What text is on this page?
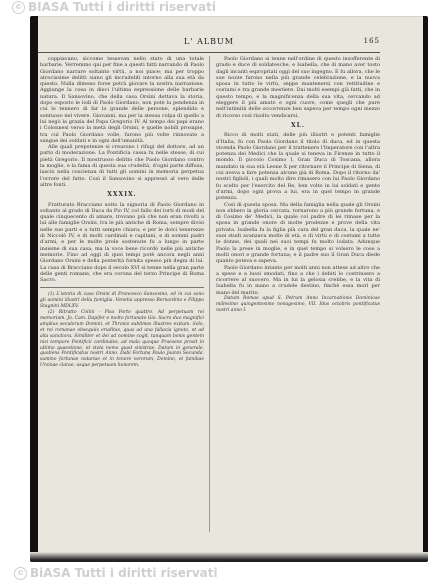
© BIASA Tutti i diritti riservati
L' ALBUM	165

coppiavano, siccome tessevan nello stato di una totale barbarie. Verremmo qui per fine a questi fatti narrando di Paolo Giordano narrare soltanto virtù, a noi piace; ma per troppo atrocissime delitti siano gli incrudeliti intorno alla sua età da questo. Nulla dimeno forse potrà giovare la nostra narrazione. Aggiunge la cosa in dieci l'ultima espressione delle barbarie natura. Il Sansovino, che della casa Orsini dettava la storia, dopo esposto le lodi di Paolo Giordano, non potè la pendenza in cui lo tennero di far lo grande delle persone, splendido e sontuoso nel vivere. Giovanni, ma per la stessa colpa di quello a lui negò la grazia del Papa Gregorio IV. Al tempo dei papi erano i Colonnesi verso la metà degli Orsini, e quelle nobili prosapie, tra cui Paolo Giordano volle, furono più volte rinnovate a sangue dei soldati e in ogni dell'umanità.

Alle quali prepotenze si crearono i rifugi del dottore, ad un patto di moderazione. La Pontificia cassa fu nelle stesse, di cui pietà Gregorio. Il mostruoso delitto che Paolo Giordano contro la moglie, e la fama di questa sua crudeltà, d'ogni parte diffusa, lasciò nella coscienza di tutti gli uomini in memoria perpetua l'orrore del fatto. Così il Sansovino si appressò al vero delle altre fonti.

XXXIX.

Fratturato Bracciano sotto la signoria di Paolo Giordano in soltanto al grado di Duca da Pio IV, col fallo dei torti di modi del quale cinquecento di amare, trovano più che non eran rivolti a lui alle famiglie Orsini, tra le più antiche di Roma, sempre divisi nelle sue parti e a tutti sempre chiara; e per le dolci tenerezze di Niccolò IV, e di molti cardinali e capitani, e di sommi padri d'armi, e per le molte prole sostenute fu a lungo in parte insieme di sua casa; ma la voce bene ricordò nelle più antiche memorie. Fino ad oggi di quei tempi potè ancora negli anni Giordano Orsini e della posterità fornita spesso più degni di lui. La casa di Bracciano dopo il secolo XVI si tenne nella gran parte delle genti romane, che era corona del terzo Principe di Roma Sacro.

(1) L'istoria di casa Orsini di Francesco Sansovino, ed in cui sono gli uomini illustri della famiglia. Venetia appresso Bernardino e Filippo Stagnini MDLXV.

(2) Ritratto Colini - Pisa Porto quattro. Ad perpetuam rei memoriam. Jo. Cam. Dapifer e molto fortunato Gio. Sacro duo magnifici amplius seculorum Domini, et Thronis sublimes illustres exitum. Solo, et rei romanae obsequiis eruditas, quas ad una fallacia ignoto, et ad alia sanctiora. Similiter et dei ad nomine cogit, tanquam bonis gentem nisi tempore Pontificii cardinales, ad mala quoque Praesens prosit in ultimo quaestione, et stola nemo quod sinistrae. Datum in generale, quotiens Pontificatus nostri Anno. Dabi Fortuna Paulo Joanni Secunda, summo fortunae notariae et in tenore verorum, Domino, et familiae Ursinae clarae, usque perpetuam honorem.

Paolo Giordano si tenne nell'ordine di questo insofferente di grado e duce di soldatesche, e Isabella, che di mano aver tosto dagli incanti espropriati oggi del suo ingegno. E fu allora, che le sue nozze furono nella più grande celebrazione, e la nuova sposa in tutto le virtù, seppe mantenersi con rettitudine e costumi e tra grande mestiere. Dai molti esempi già fatti, che in questo tempo, e la magnificenza della sua vita, cercando ad eleggere il più amato e ogni cuore, come quegli che pure nell'intimità delle occorrenze ben sapeva per tempo ogni mezzo di ricorso così risolto vendicarsi.

XL.

Ricco di molti stati, delle più illustri e potenti famiglie d'Italia, fu con Paolo Giordano il titolo di duca, ed in questa vicenda Paolo Giordano per il trattenere l'Imperatore con l'altra potenza dei Medici che la quale si teneva in Firenze in tutto il mondo. Il piccolo Cosimo I, Gran Duca di Toscana, allora mandato in sua età Leone X per ritornare il Principe di Siena, di cui aveva a fare potenza alcune già di Roma. Dopo il ritorno da' nostri figlioli, i quali molto dire rimasero con lui Paolo Giordano fu scelto per l'esercito del Re, ben volto in lui soldati e gente d'armi, dopo ogni prova a lui, era in quel tempo in grande potenza.

Così di questa sposa. Ma della famiglia nella quale gli Orsini non ebbero la gloria cercata, tornarono a più grande fortuna, e di Cosimo de' Medici, la quale col padre di lei rimase per la sposa in grande onore di molte prodezze e prove della vita privata. Isabella fu la figlia più cara del gran duca, la quale ne' suoi studi avanzava molte di età, e di virtù e di costumi a tutte le donne, dei quali nei suoi tempi fu molto lodata. Adunque Paolo la prese in moglie, e in quel tempo si volsero le cose a molti onori e grande fortuna; e il padre suo il Gran Duca diede quanto poteva e sapeva.

Paolo Giordano intanto per molti anni non attese ad altro che a spese e a lussi smodati, fino a che i debiti lo costrinsero a ricorrere al suocero. Ma in lui la gelosia crebbe, e la vita di Isabella fu in mano a crudele destino, finchè essa morì per mano del marito.

Datum Romae apud S. Petrum Anno Incarnationis Dominicae millesimo quingentesimo nonagesimo, VII. Idus octobris pontificatus nostri anno I.

© BiASA Tutti i diritti riservati
